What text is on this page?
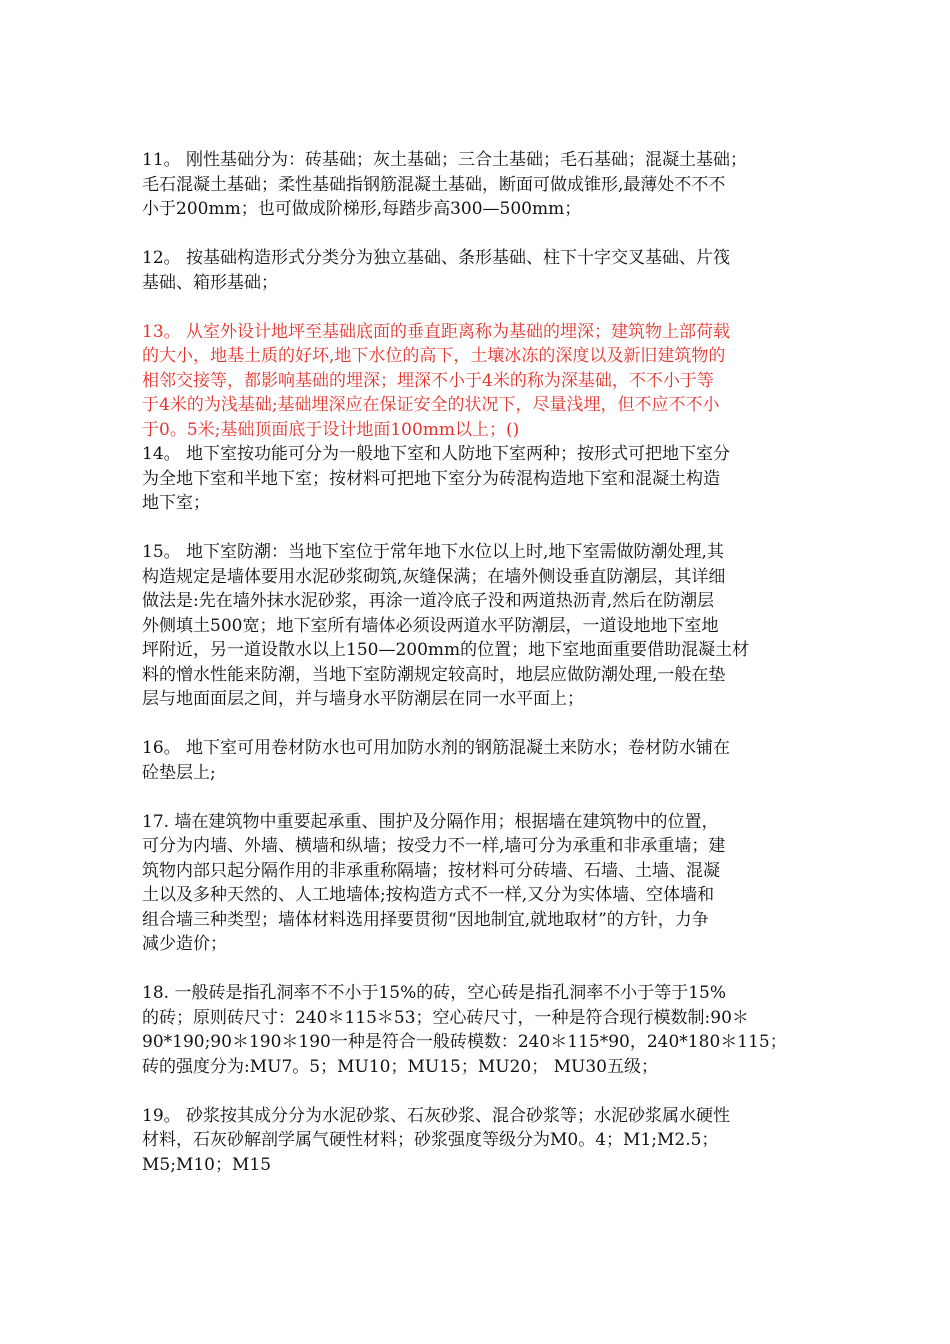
11。 刚性基础分为：砖基础；灰土基础；三合土基础；毛石基础；混凝土基础；
毛石混凝土基础；柔性基础指钢筋混凝土基础，断面可做成锥形,最薄处不不不
小于200mm；也可做成阶梯形,每踏步高300—500mm；

12。 按基础构造形式分类分为独立基础、条形基础、柱下十字交叉基础、片筏
基础、箱形基础；

13。 从室外设计地坪至基础底面的垂直距离称为基础的埋深；建筑物上部荷载
的大小，地基土质的好坏,地下水位的高下，土壤冰冻的深度以及新旧建筑物的
相邻交接等，都影响基础的埋深；埋深不小于4米的称为深基础，不不小于等
于4米的为浅基础;基础埋深应在保证安全的状况下，尽量浅埋，但不应不不小
于0。5米;基础顶面底于设计地面100mm以上；()

14。 地下室按功能可分为一般地下室和人防地下室两种；按形式可把地下室分
为全地下室和半地下室；按材料可把地下室分为砖混构造地下室和混凝土构造
地下室；

15。 地下室防潮：当地下室位于常年地下水位以上时,地下室需做防潮处理,其
构造规定是墙体要用水泥砂浆砌筑,灰缝保满；在墙外侧设垂直防潮层，其详细
做法是:先在墙外抹水泥砂浆，再涂一道冷底子没和两道热沥青,然后在防潮层
外侧填土500宽；地下室所有墙体必须设两道水平防潮层，一道设地地下室地
坪附近，另一道设散水以上150—200mm的位置；地下室地面重要借助混凝土材
料的憎水性能来防潮，当地下室防潮规定较高时，地层应做防潮处理,一般在垫
层与地面面层之间，并与墙身水平防潮层在同一水平面上；

16。 地下室可用卷材防水也可用加防水剂的钢筋混凝土来防水；卷材防水铺在
砼垫层上;

17. 墙在建筑物中重要起承重、围护及分隔作用；根据墙在建筑物中的位置，
可分为内墙、外墙、横墙和纵墙；按受力不一样,墙可分为承重和非承重墙；建
筑物内部只起分隔作用的非承重称隔墙；按材料可分砖墙、石墙、土墙、混凝
土以及多种天然的、人工地墙体;按构造方式不一样,又分为实体墙、空体墙和
组合墙三种类型；墙体材料选用择要贯彻“因地制宜,就地取材”的方针，力争
减少造价；

18. 一般砖是指孔洞率不不小于15%的砖，空心砖是指孔洞率不小于等于15%
的砖；原则砖尺寸：240＊115＊53；空心砖尺寸，一种是符合现行模数制:90＊
90*190;90＊190＊190一种是符合一般砖模数：240＊115*90，240*180＊115；
砖的强度分为:MU7。5；MU10；MU15；MU20； MU30五级；

19。 砂浆按其成分分为水泥砂浆、石灰砂浆、混合砂浆等；水泥砂浆属水硬性
材料，石灰砂解剖学属气硬性材料；砂浆强度等级分为M0。4；M1;M2.5；
M5;M10；M15
